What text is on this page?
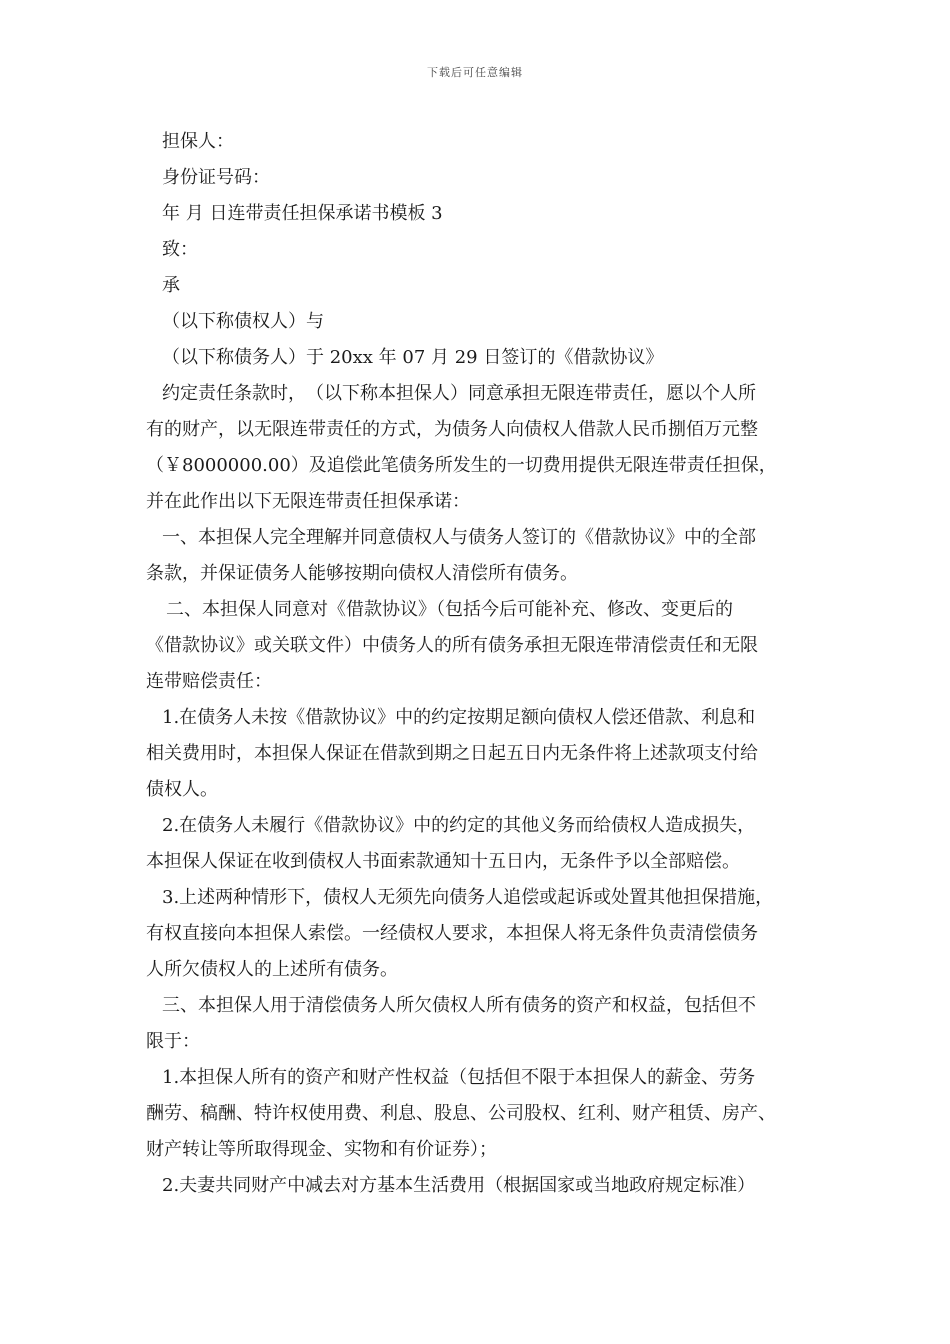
下载后可任意编辑
担保人：
身份证号码：
年 月 日连带责任担保承诺书模板 3
致：
承
（以下称债权人）与
（以下称债务人）于 20xx 年 07 月 29 日签订的《借款协议》
约定责任条款时，　（以下称本担保人）同意承担无限连带责任，愿以个人所
有的财产，以无限连带责任的方式，为债务人向债权人借款人民币捌佰万元整
（￥8000000.00）及追偿此笔债务所发生的一切费用提供无限连带责任担保，
并在此作出以下无限连带责任担保承诺：
一、本担保人完全理解并同意债权人与债务人签订的《借款协议》中的全部
条款，并保证债务人能够按期向债权人清偿所有债务。
二、本担保人同意对《借款协议》（包括今后可能补充、修改、变更后的
《借款协议》或关联文件）中债务人的所有债务承担无限连带清偿责任和无限
连带赔偿责任：
1.在债务人未按《借款协议》中的约定按期足额向债权人偿还借款、利息和
相关费用时，本担保人保证在借款到期之日起五日内无条件将上述款项支付给
债权人。
2.在债务人未履行《借款协议》中的约定的其他义务而给债权人造成损失，
本担保人保证在收到债权人书面索款通知十五日内，无条件予以全部赔偿。
3.上述两种情形下，债权人无须先向债务人追偿或起诉或处置其他担保措施，
有权直接向本担保人索偿。一经债权人要求，本担保人将无条件负责清偿债务
人所欠债权人的上述所有债务。
三、本担保人用于清偿债务人所欠债权人所有债务的资产和权益，包括但不
限于：
1.本担保人所有的资产和财产性权益（包括但不限于本担保人的薪金、劳务
酬劳、稿酬、特许权使用费、利息、股息、公司股权、红利、财产租赁、房产、
财产转让等所取得现金、实物和有价证券）；
2.夫妻共同财产中减去对方基本生活费用（根据国家或当地政府规定标准）
